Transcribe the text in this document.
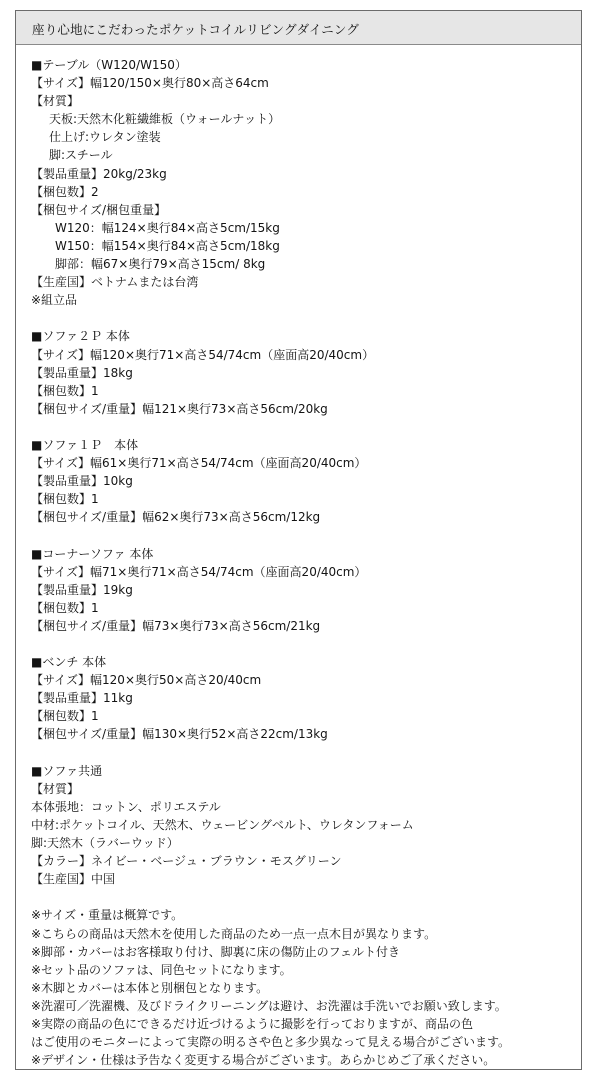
座り心地にこだわったポケットコイルリビングダイニング
■テーブル（W120/W150）
【サイズ】幅120/150×奥行80×高さ64cm
【材質】
天板:天然木化粧繊維板（ウォールナット）
仕上げ:ウレタン塗装
脚:スチール
【製品重量】20kg/23kg
【梱包数】2
【梱包サイズ/梱包重量】
W120：幅124×奥行84×高さ5cm/15kg
W150：幅154×奥行84×高さ5cm/18kg
脚部：幅67×奥行79×高さ15cm/ 8kg
【生産国】ベトナムまたは台湾
※組立品
■ソファ２Ｐ 本体
【サイズ】幅120×奥行71×高さ54/74cm（座面高20/40cm）
【製品重量】18kg
【梱包数】1
【梱包サイズ/重量】幅121×奥行73×高さ56cm/20kg
■ソファ１Ｐ　本体
【サイズ】幅61×奥行71×高さ54/74cm（座面高20/40cm）
【製品重量】10kg
【梱包数】1
【梱包サイズ/重量】幅62×奥行73×高さ56cm/12kg
■コーナーソファ 本体
【サイズ】幅71×奥行71×高さ54/74cm（座面高20/40cm）
【製品重量】19kg
【梱包数】1
【梱包サイズ/重量】幅73×奥行73×高さ56cm/21kg
■ベンチ 本体
【サイズ】幅120×奥行50×高さ20/40cm
【製品重量】11kg
【梱包数】1
【梱包サイズ/重量】幅130×奥行52×高さ22cm/13kg
■ソファ共通
【材質】
本体張地：コットン、ポリエステル
中材:ポケットコイル、天然木、ウェービングベルト、ウレタンフォーム
脚:天然木（ラバーウッド）
【カラー】ネイビー・ベージュ・ブラウン・モスグリーン
【生産国】中国
※サイズ・重量は概算です。
※こちらの商品は天然木を使用した商品のため一点一点木目が異なります。
※脚部・カバーはお客様取り付け、脚裏に床の傷防止のフェルト付き
※セット品のソファは、同色セットになります。
※木脚とカバーは本体と別梱包となります。
※洗濯可／洗濯機、及びドライクリーニングは避け、お洗濯は手洗いでお願い致します。
※実際の商品の色にできるだけ近づけるように撮影を行っておりますが、商品の色
はご使用のモニターによって実際の明るさや色と多少異なって見える場合がございます。
※デザイン・仕様は予告なく変更する場合がございます。あらかじめご了承ください。
